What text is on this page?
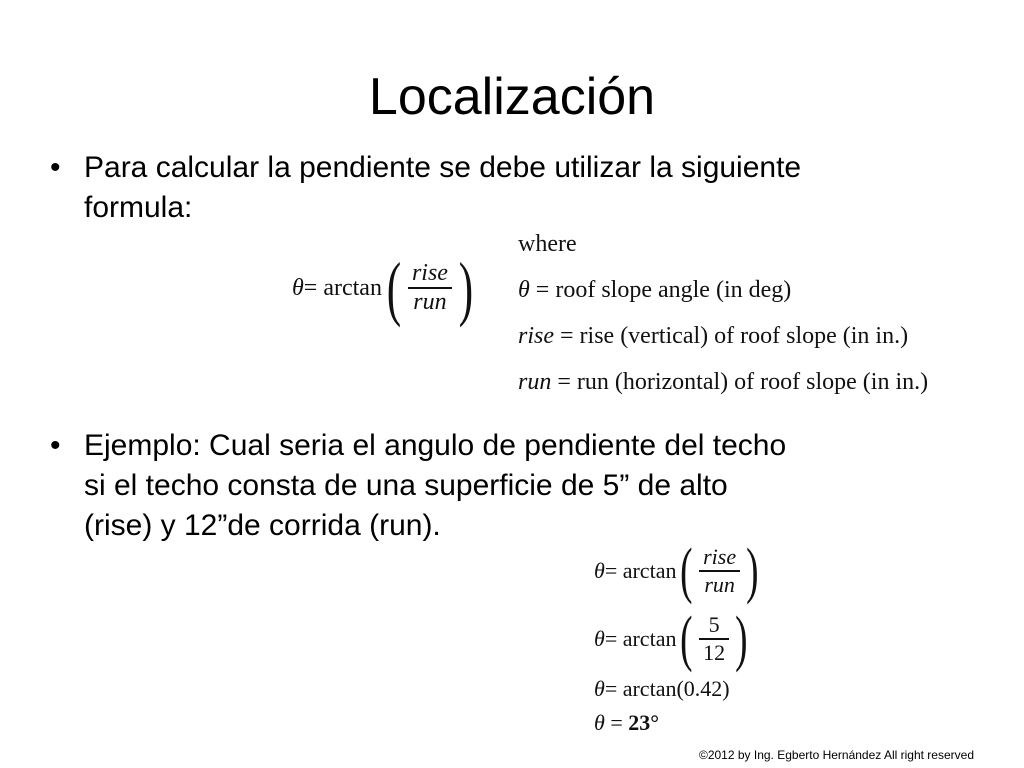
Localización
• Para calcular la pendiente se debe utilizar la siguiente
formula:
θ = arctan ( $\frac{\text{rise}}{\text{run}}$ )
where
θ = roof slope angle (in deg)
rise = rise (vertical) of roof slope (in in.)
run = run (horizontal) of roof slope (in in.)
• Ejemplo: Cual seria el angulo de pendiente del techo
si el techo consta de una superficie de 5” de alto
(rise) y 12”de corrida (run).
θ = arctan ( $\frac{\text{rise}}{\text{run}}$ )
θ = arctan ( $\frac{5}{12}$ )
θ = arctan (0.42)
θ = 23°
©2012 by Ing. Egberto Hernández All right reserved
